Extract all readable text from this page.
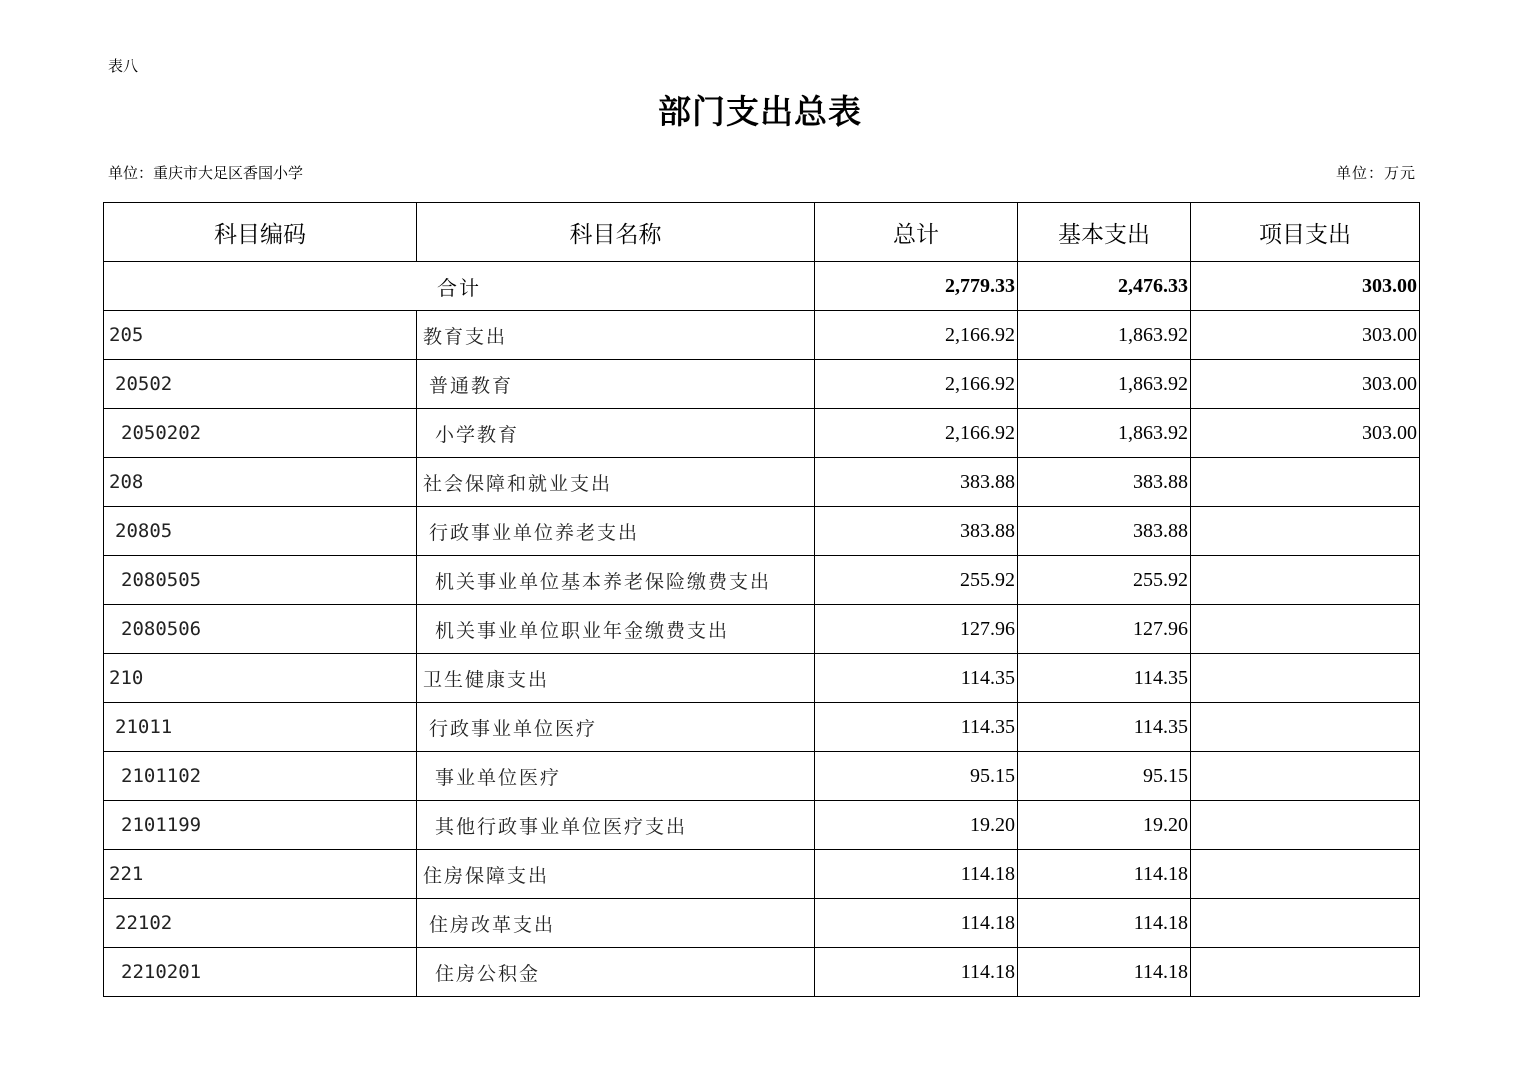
表八
部门支出总表
单位：重庆市大足区香国小学	单位：万元
科目编码	科目名称	总计	基本支出	项目支出
合计		2,779.33	2,476.33	303.00
205	教育支出	2,166.92	1,863.92	303.00
20502	普通教育	2,166.92	1,863.92	303.00
2050202	小学教育	2,166.92	1,863.92	303.00
208	社会保障和就业支出	383.88	383.88	
20805	行政事业单位养老支出	383.88	383.88	
2080505	机关事业单位基本养老保险缴费支出	255.92	255.92	
2080506	机关事业单位职业年金缴费支出	127.96	127.96	
210	卫生健康支出	114.35	114.35	
21011	行政事业单位医疗	114.35	114.35	
2101102	事业单位医疗	95.15	95.15	
2101199	其他行政事业单位医疗支出	19.20	19.20	
221	住房保障支出	114.18	114.18	
22102	住房改革支出	114.18	114.18	
2210201	住房公积金	114.18	114.18	
